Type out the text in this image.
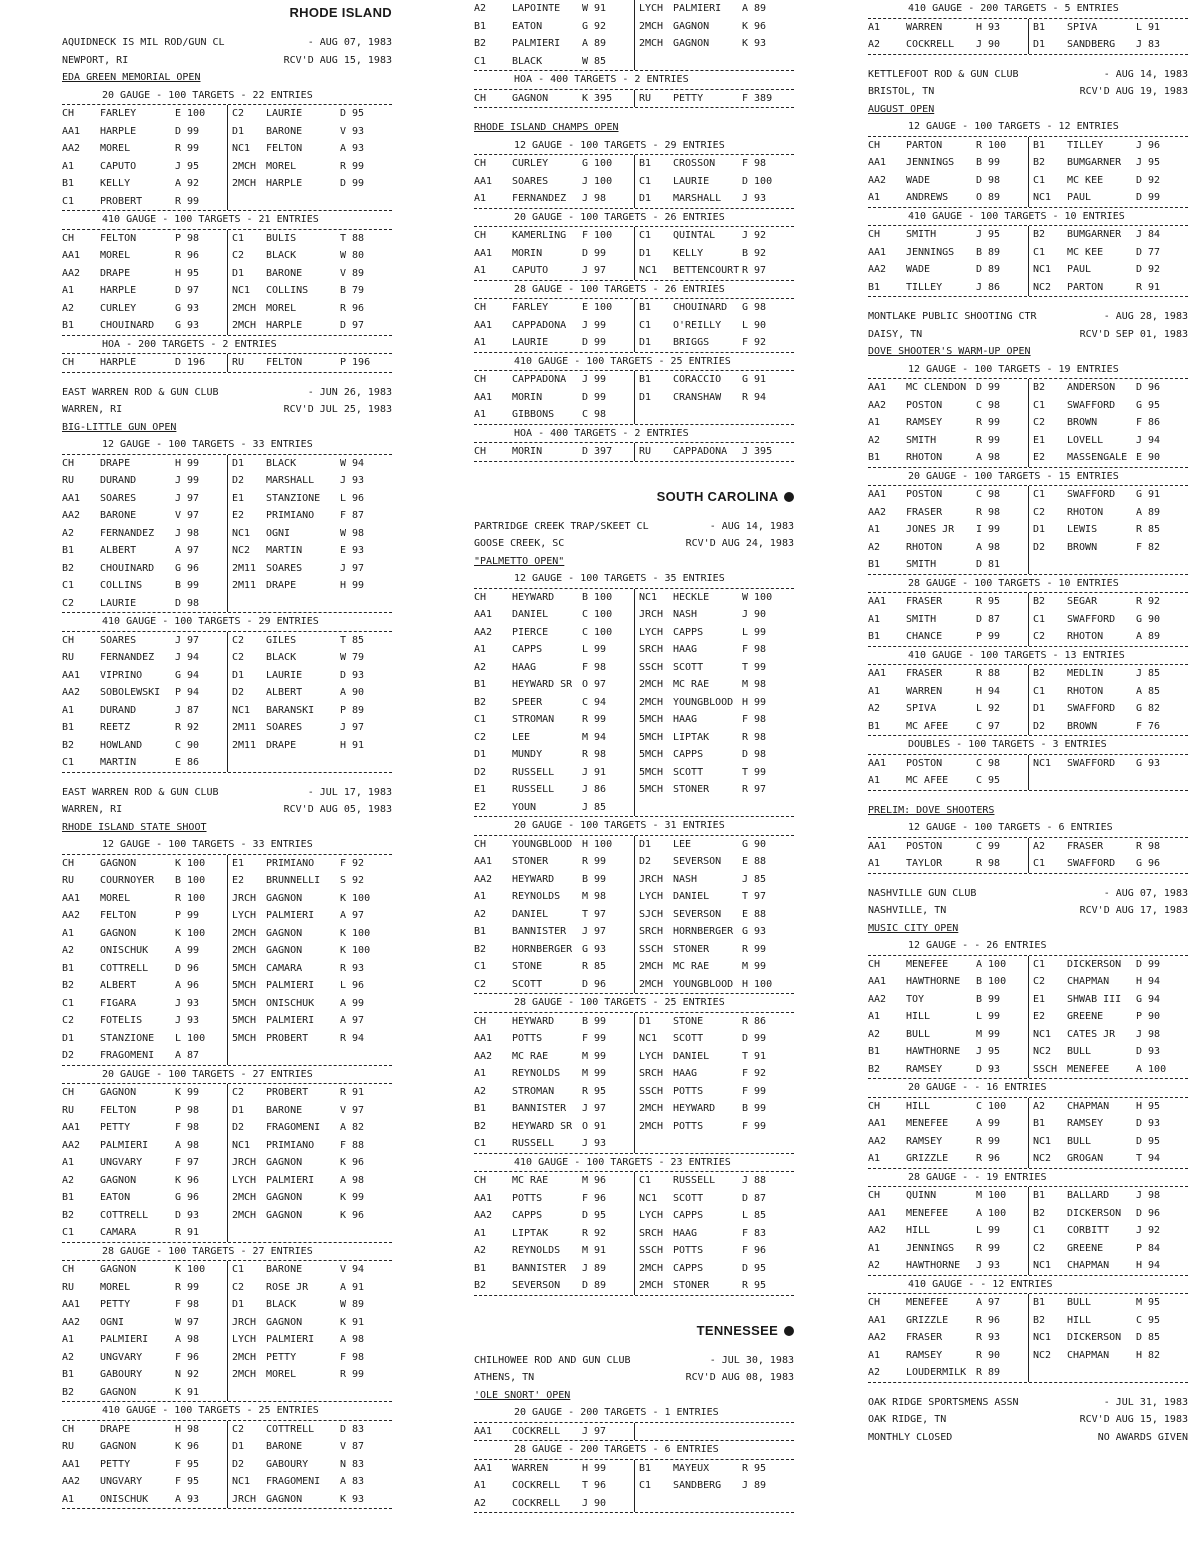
RHODE ISLAND
AQUIDNECK IS MIL ROD/GUN CL	- AUG 07, 1983
NEWPORT, RI	RCV'D AUG 15, 1983
EDA GREEN MEMORIAL OPEN
20 GAUGE - 100 TARGETS - 22 ENTRIES
CH	FARLEY	E 100	C2	LAURIE	D 95
AA1	HARPLE	D 99	D1	BARONE	V 93
AA2	MOREL	R 99	NC1	FELTON	A 93
A1	CAPUTO	J 95	2MCH MOREL	R 99
B1	KELLY	A 92	2MCH HARPLE	D 99
C1	PROBERT	R 99
410 GAUGE - 100 TARGETS - 21 ENTRIES
CH	FELTON	P 98	C1	BULIS	T 88
AA1	MOREL	R 96	C2	BLACK	W 80
AA2	DRAPE	H 95	D1	BARONE	V 89
A1	HARPLE	D 97	NC1	COLLINS	B 79
A2	CURLEY	G 93	2MCH MOREL	R 96
B1	CHOUINARD	G 93	2MCH HARPLE	D 97
HOA - 200 TARGETS - 2 ENTRIES
CH	HARPLE	D 196	RU	FELTON	P 196
EAST WARREN ROD & GUN CLUB	- JUN 26, 1983
WARREN, RI	RCV'D JUL 25, 1983
BIG-LITTLE GUN OPEN
12 GAUGE - 100 TARGETS - 33 ENTRIES
CH	DRAPE	H 99	D1	BLACK	W 94
RU	DURAND	J 99	D2	MARSHALL	J 93
AA1	SOARES	J 97	E1	STANZIONE	L 96
AA2	BARONE	V 97	E2	PRIMIANO	F 87
A2	FERNANDEZ	J 98	NC1	OGNI	W 98
B1	ALBERT	A 97	NC2	MARTIN	E 93
B2	CHOUINARD	G 96	2M11 SOARES	J 97
C1	COLLINS	B 99	2M11 DRAPE	H 99
C2	LAURIE	D 98
410 GAUGE - 100 TARGETS - 29 ENTRIES
CH	SOARES	J 97	C2	GILES	T 85
RU	FERNANDEZ	J 94	C2	BLACK	W 79
AA1	VIPRINO	G 94	D1	LAURIE	D 93
AA2	SOBOLEWSKI	P 94	D2	ALBERT	A 90
A1	DURAND	J 87	NC1	BARANSKI	P 89
B1	REETZ	R 92	2M11 SOARES	J 97
B2	HOWLAND	C 90	2M11 DRAPE	H 91
C1	MARTIN	E 86
EAST WARREN ROD & GUN CLUB	- JUL 17, 1983
WARREN, RI	RCV'D AUG 05, 1983
RHODE ISLAND STATE SHOOT
12 GAUGE - 100 TARGETS - 33 ENTRIES
CH	GAGNON	K 100	E1	PRIMIANO	F 92
RU	COURNOYER	B 100	E2	BRUNNELLI	S 92
AA1	MOREL	R 100	JRCH GAGNON	K 100
AA2	FELTON	P 99	LYCH PALMIERI	A 97
A1	GAGNON	K 100	2MCH GAGNON	K 100
A2	ONISCHUK	A 99	2MCH GAGNON	K 100
B1	COTTRELL	D 96	5MCH CAMARA	R 93
B2	ALBERT	A 96	5MCH PALMIERI	L 96
C1	FIGARA	J 93	5MCH ONISCHUK	A 99
C2	FOTELIS	J 93	5MCH PALMIERI	A 97
D1	STANZIONE	L 100	5MCH PROBERT	R 94
D2	FRAGOMENI	A 87
20 GAUGE - 100 TARGETS - 27 ENTRIES
CH	GAGNON	K 99	C2	PROBERT	R 91
RU	FELTON	P 98	D1	BARONE	V 97
AA1	PETTY	F 98	D2	FRAGOMENI	A 82
AA2	PALMIERI	A 98	NC1	PRIMIANO	F 88
A1	UNGVARY	F 97	JRCH GAGNON	K 96
A2	GAGNON	K 96	LYCH PALMIERI	A 98
B1	EATON	G 96	2MCH GAGNON	K 99
B2	COTTRELL	D 93	2MCH GAGNON	K 96
C1	CAMARA	R 91
28 GAUGE - 100 TARGETS - 27 ENTRIES
CH	GAGNON	K 100	C1	BARONE	V 94
RU	MOREL	R 99	C2	ROSE JR	A 91
AA1	PETTY	F 98	D1	BLACK	W 89
AA2	OGNI	W 97	JRCH GAGNON	K 91
A1	PALMIERI	A 98	LYCH PALMIERI	A 98
A2	UNGVARY	F 96	2MCH PETTY	F 98
B1	GABOURY	N 92	2MCH MOREL	R 99
B2	GAGNON	K 91
410 GAUGE - 100 TARGETS - 25 ENTRIES
CH	DRAPE	H 98	C2	COTTRELL	D 83
RU	GAGNON	K 96	D1	BARONE	V 87
AA1	PETTY	F 95	D2	GABOURY	N 83
AA2	UNGVARY	F 95	NC1	FRAGOMENI	A 83
A1	ONISCHUK	A 93	JRCH GAGNON	K 93
A2	LAPOINTE	W 91	LYCH PALMIERI	A 89
B1	EATON	G 92	2MCH GAGNON	K 96
B2	PALMIERI	A 89	2MCH GAGNON	K 93
C1	BLACK	W 85
HOA - 400 TARGETS - 2 ENTRIES
CH	GAGNON	K 395	RU	PETTY	F 389
RHODE ISLAND CHAMPS OPEN
12 GAUGE - 100 TARGETS - 29 ENTRIES
CH	CURLEY	G 100	B1	CROSSON	F 98
AA1	SOARES	J 100	C1	LAURIE	D 100
A1	FERNANDEZ	J 98	D1	MARSHALL	J 93
20 GAUGE - 100 TARGETS - 26 ENTRIES
CH	KAMERLING	F 100	C1	QUINTAL	J 92
AA1	MORIN	D 99	D1	KELLY	B 92
A1	CAPUTO	J 97	NC1	BETTENCOURT R 97
28 GAUGE - 100 TARGETS - 26 ENTRIES
CH	FARLEY	E 100	B1	CHOUINARD	G 98
AA1	CAPPADONA	J 99	C1	O'REILLY	L 90
A1	LAURIE	D 99	D1	BRIGGS	F 92
410 GAUGE - 100 TARGETS - 25 ENTRIES
CH	CAPPADONA	J 99	B1	CORACCIO	G 91
AA1	MORIN	D 99	D1	CRANSHAW	R 94
A1	GIBBONS	C 98
HOA - 400 TARGETS - 2 ENTRIES
CH	MORIN	D 397	RU	CAPPADONA	J 395
SOUTH CAROLINA
PARTRIDGE CREEK TRAP/SKEET CL	- AUG 14, 1983
GOOSE CREEK, SC	RCV'D AUG 24, 1983
"PALMETTO OPEN"
12 GAUGE - 100 TARGETS - 35 ENTRIES
CH	HEYWARD	B 100	NC1	HECKLE	W 100
AA1	DANIEL	C 100	JRCH NASH	J 90
AA2	PIERCE	C 100	LYCH CAPPS	L 99
A1	CAPPS	L 99	SRCH HAAG	F 98
A2	HAAG	F 98	SSCH SCOTT	T 99
B1	HEYWARD SR O 97	2MCH MC RAE	M 98
B2	SPEER	C 94	2MCH YOUNGBLOOD H 99
C1	STROMAN	R 99	5MCH HAAG	F 98
C2	LEE	M 94	5MCH LIPTAK	R 98
D1	MUNDY	R 98	5MCH CAPPS	D 98
D2	RUSSELL	J 91	5MCH SCOTT	T 99
E1	RUSSELL	J 86	5MCH STONER	R 97
E2	YOUN	J 85
20 GAUGE - 100 TARGETS - 31 ENTRIES
CH	YOUNGBLOOD H 100	D1	LEE	G 90
AA1	STONER	R 99	D2	SEVERSON	E 88
AA2	HEYWARD	B 99	JRCH NASH	J 85
A1	REYNOLDS	M 98	LYCH DANIEL	T 97
A2	DANIEL	T 97	SJCH SEVERSON	E 88
B1	BANNISTER	J 97	SRCH HORNBERGER G 93
B2	HORNBERGER G 93	SSCH STONER	R 99
C1	STONE	R 85	2MCH MC RAE	M 99
C2	SCOTT	D 96	2MCH YOUNGBLOOD H 100
28 GAUGE - 100 TARGETS - 25 ENTRIES
CH	HEYWARD	B 99	D1	STONE	R 86
AA1	POTTS	F 99	NC1	SCOTT	D 99
AA2	MC RAE	M 99	LYCH DANIEL	T 91
A1	REYNOLDS	M 99	SRCH HAAG	F 92
A2	STROMAN	R 95	SSCH POTTS	F 99
B1	BANNISTER	J 97	2MCH HEYWARD	B 99
B2	HEYWARD SR O 91	2MCH POTTS	F 99
C1	RUSSELL	J 93
410 GAUGE - 100 TARGETS - 23 ENTRIES
CH	MC RAE	M 96	C1	RUSSELL	J 88
AA1	POTTS	F 96	NC1	SCOTT	D 87
AA2	CAPPS	D 95	LYCH CAPPS	L 85
A1	LIPTAK	R 92	SRCH HAAG	F 83
A2	REYNOLDS	M 91	SSCH POTTS	F 96
B1	BANNISTER	J 89	2MCH CAPPS	D 95
B2	SEVERSON	D 89	2MCH STONER	R 95
TENNESSEE
CHILHOWEE ROD AND GUN CLUB	- JUL 30, 1983
ATHENS, TN	RCV'D AUG 08, 1983
'OLE SNORT' OPEN
20 GAUGE - 200 TARGETS - 1 ENTRIES
AA1	COCKRELL	J 97
28 GAUGE - 200 TARGETS - 6 ENTRIES
AA1	WARREN	H 99	B1	MAYEUX	R 95
A1	COCKRELL	T 96	C1	SANDBERG	J 89
A2	COCKRELL	J 90
410 GAUGE - 200 TARGETS - 5 ENTRIES
A1	WARREN	H 93	B1	SPIVA	L 91
A2	COCKRELL	J 90	D1	SANDBERG	J 83
KETTLEFOOT ROD & GUN CLUB	- AUG 14, 1983
BRISTOL, TN	RCV'D AUG 19, 1983
AUGUST OPEN
12 GAUGE - 100 TARGETS - 12 ENTRIES
CH	PARTON	R 100	B1	TILLEY	J 96
AA1	JENNINGS	B 99	B2	BUMGARNER	J 95
AA2	WADE	D 98	C1	MC KEE	D 92
A1	ANDREWS	O 89	NC1	PAUL	D 99
410 GAUGE - 100 TARGETS - 10 ENTRIES
CH	SMITH	J 95	B2	BUMGARNER	J 84
AA1	JENNINGS	B 89	C1	MC KEE	D 77
AA2	WADE	D 89	NC1	PAUL	D 92
B1	TILLEY	J 86	NC2	PARTON	R 91
MONTLAKE PUBLIC SHOOTING CTR	- AUG 28, 1983
DAISY, TN	RCV'D SEP 01, 1983
DOVE SHOOTER'S WARM-UP OPEN
12 GAUGE - 100 TARGETS - 19 ENTRIES
AA1	MC CLENDON D 99	B2	ANDERSON	D 96
AA2	POSTON	C 98	C1	SWAFFORD	G 95
A1	RAMSEY	R 99	C2	BROWN	F 86
A2	SMITH	R 99	E1	LOVELL	J 94
B1	RHOTON	A 98	E2	MASSENGALE E 90
20 GAUGE - 100 TARGETS - 15 ENTRIES
AA1	POSTON	C 98	C1	SWAFFORD	G 91
AA2	FRASER	R 98	C2	RHOTON	A 89
A1	JONES JR	I 99	D1	LEWIS	R 85
A2	RHOTON	A 98	D2	BROWN	F 82
B1	SMITH	D 81
28 GAUGE - 100 TARGETS - 10 ENTRIES
AA1	FRASER	R 95	B2	SEGAR	R 92
A1	SMITH	D 87	C1	SWAFFORD	G 90
B1	CHANCE	P 99	C2	RHOTON	A 89
410 GAUGE - 100 TARGETS - 13 ENTRIES
AA1	FRASER	R 88	B2	MEDLIN	J 85
A1	WARREN	H 94	C1	RHOTON	A 85
A2	SPIVA	L 92	D1	SWAFFORD	G 82
B1	MC AFEE	C 97	D2	BROWN	F 76
DOUBLES - 100 TARGETS - 3 ENTRIES
AA1	POSTON	C 98	NC1	SWAFFORD	G 93
A1	MC AFEE	C 95
PRELIM: DOVE SHOOTERS
12 GAUGE - 100 TARGETS - 6 ENTRIES
AA1	POSTON	C 99	A2	FRASER	R 98
A1	TAYLOR	R 98	C1	SWAFFORD	G 96
NASHVILLE GUN CLUB	- AUG 07, 1983
NASHVILLE, TN	RCV'D AUG 17, 1983
MUSIC CITY OPEN
12 GAUGE - - 26 ENTRIES
CH	MENEFEE	A 100	C1	DICKERSON	D 99
AA1	HAWTHORNE	B 100	C2	CHAPMAN	H 94
AA2	TOY	B 99	E1	SHWAB III	G 94
A1	HILL	L 99	E2	GREENE	P 90
A2	BULL	M 99	NC1	CATES JR	J 98
B1	HAWTHORNE	J 95	NC2	BULL	D 93
B2	RAMSEY	D 93	SSCH MENEFEE	A 100
20 GAUGE - - 16 ENTRIES
CH	HILL	C 100	A2	CHAPMAN	H 95
AA1	MENEFEE	A 99	B1	RAMSEY	D 93
AA2	RAMSEY	R 99	NC1	BULL	D 95
A1	GRIZZLE	R 96	NC2	GROGAN	T 94
28 GAUGE - - 19 ENTRIES
CH	QUINN	M 100	B1	BALLARD	J 98
AA1	MENEFEE	A 100	B2	DICKERSON	D 96
AA2	HILL	L 99	C1	CORBITT	J 92
A1	JENNINGS	R 99	C2	GREENE	P 84
A2	HAWTHORNE	J 93	NC1	CHAPMAN	H 94
410 GAUGE - - 12 ENTRIES
CH	MENEFEE	A 97	B1	BULL	M 95
AA1	GRIZZLE	R 96	B2	HILL	C 95
AA2	FRASER	R 93	NC1	DICKERSON	D 85
A1	RAMSEY	R 90	NC2	CHAPMAN	H 82
A2	LOUDERMILK R 89
OAK RIDGE SPORTSMENS ASSN	- JUL 31, 1983
OAK RIDGE, TN	RCV'D AUG 15, 1983
MONTHLY CLOSED	NO AWARDS GIVEN
